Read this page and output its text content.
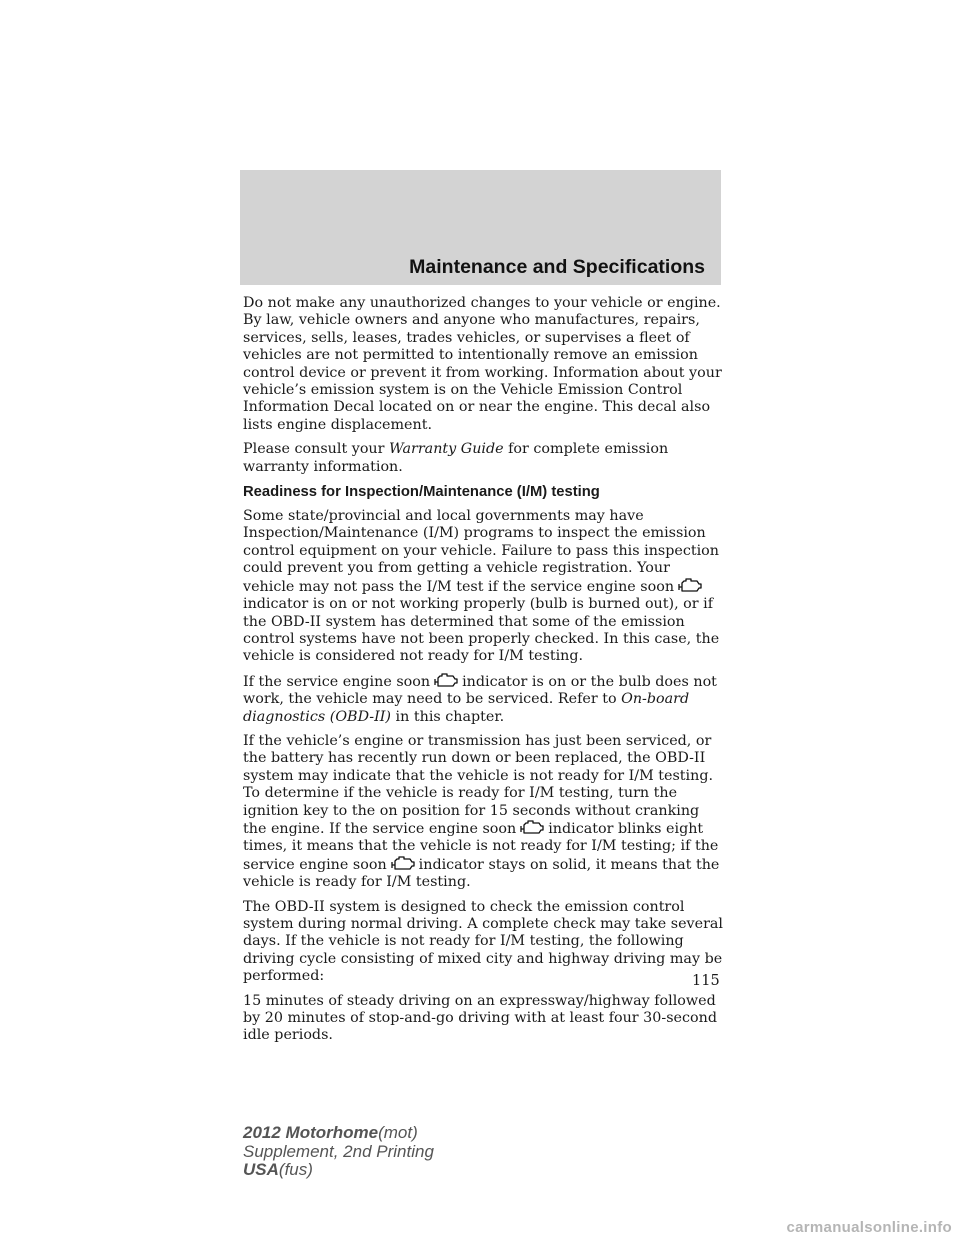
Maintenance and Specifications

Do not make any unauthorized changes to your vehicle or engine. By law, vehicle owners and anyone who manufactures, repairs, services, sells, leases, trades vehicles, or supervises a fleet of vehicles are not permitted to intentionally remove an emission control device or prevent it from working. Information about your vehicle’s emission system is on the Vehicle Emission Control Information Decal located on or near the engine. This decal also lists engine displacement.

Please consult your Warranty Guide for complete emission warranty information.

Readiness for Inspection/Maintenance (I/M) testing

Some state/provincial and local governments may have Inspection/Maintenance (I/M) programs to inspect the emission control equipment on your vehicle. Failure to pass this inspection could prevent you from getting a vehicle registration. Your vehicle may not pass the I/M test if the service engine soonindicator is on or not working properly (bulb is burned out), or if the OBD-II system has determined that some of the emission control systems have not been properly checked. In this case, the vehicle is considered not ready for I/M testing.

If the service engine soon indicator is on or the bulb does not work, the vehicle may need to be serviced. Refer to On-board diagnostics (OBD-II) in this chapter.

If the vehicle’s engine or transmission has just been serviced, or the battery has recently run down or been replaced, the OBD-II system may indicate that the vehicle is not ready for I/M testing. To determine if the vehicle is ready for I/M testing, turn the ignition key to the on position for 15 seconds without cranking the engine. If the service engine soon indicator blinks eight times, it means that the vehicle is not ready for I/M testing; if the service engine soon indicator stays on solid, it means that the vehicle is ready for I/M testing.

The OBD-II system is designed to check the emission control system during normal driving. A complete check may take several days. If the vehicle is not ready for I/M testing, the following driving cycle consisting of mixed city and highway driving may be performed:

15 minutes of steady driving on an expressway/highway followed by 20 minutes of stop-and-go driving with at least four 30-second idle periods.

115
2012 Motorhome(mot)
Supplement, 2nd Printing
USA(fus)
carmanualsonline.info
